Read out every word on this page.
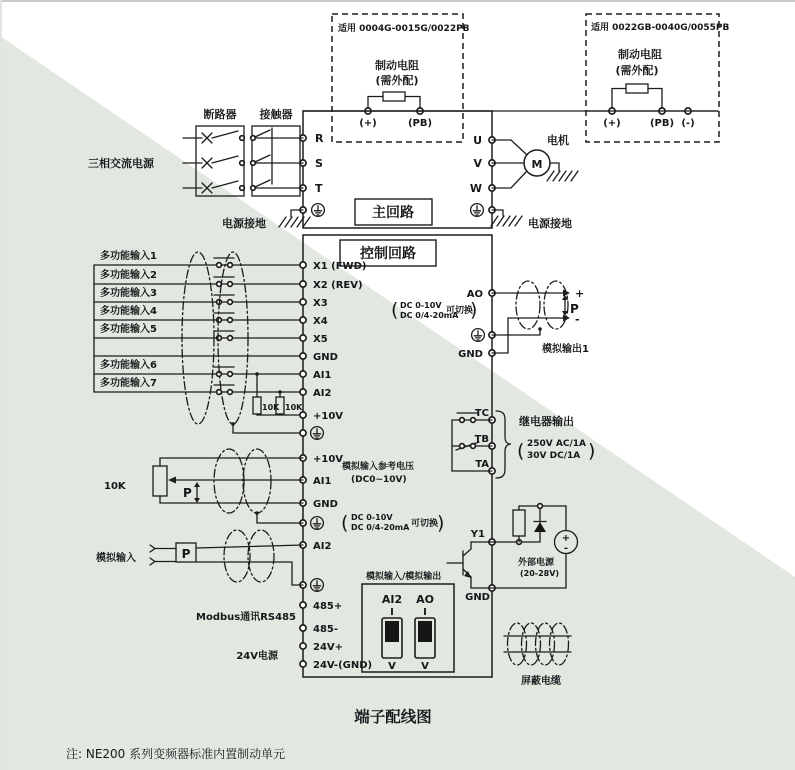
适用 0004G-0015G/0022PB
制动电阻
(需外配)
(+)	(PB)
适用 0022GB-0040G/0055PB
制动电阻
(需外配)
(+)	(PB) (-)
主回路
R
S
T
U
V
W
三相交流电源
断路器 接触器
电源接地
M
电机
电源接地
控制回路
多功能输入1
多功能输入2
多功能输入3
多功能输入4
多功能输入5
多功能输入6
多功能输入7
10K 10K
X1 (FWD)
X2 (REV)
X3
X4
X5
GND
AI1
AI2
+10V
+10V
AI1
GND
AI2
485+
485-
24V+
24V-(GND)
10K	P
模拟输入参考电压
(DC0~10V)
( DC 0-10V
DC 0/4-20mA 可切换
)
模拟输入	P
Modbus通讯RS485
24V电源
AO
GND
+
-
P
模拟输出1
( DC 0-10V
DC 0/4-20mA
可切换
)
TC
TB
TA
继电器输出
( 250V AC/1A
30V DC/1A )
Y1
GND
+
-
外部电源
(20-28V)
模拟输入/模拟输出
AI2 AO
I	I
V	V
屏蔽电缆
端子配线图
注: NE200 系列变频器标准内置制动单元
